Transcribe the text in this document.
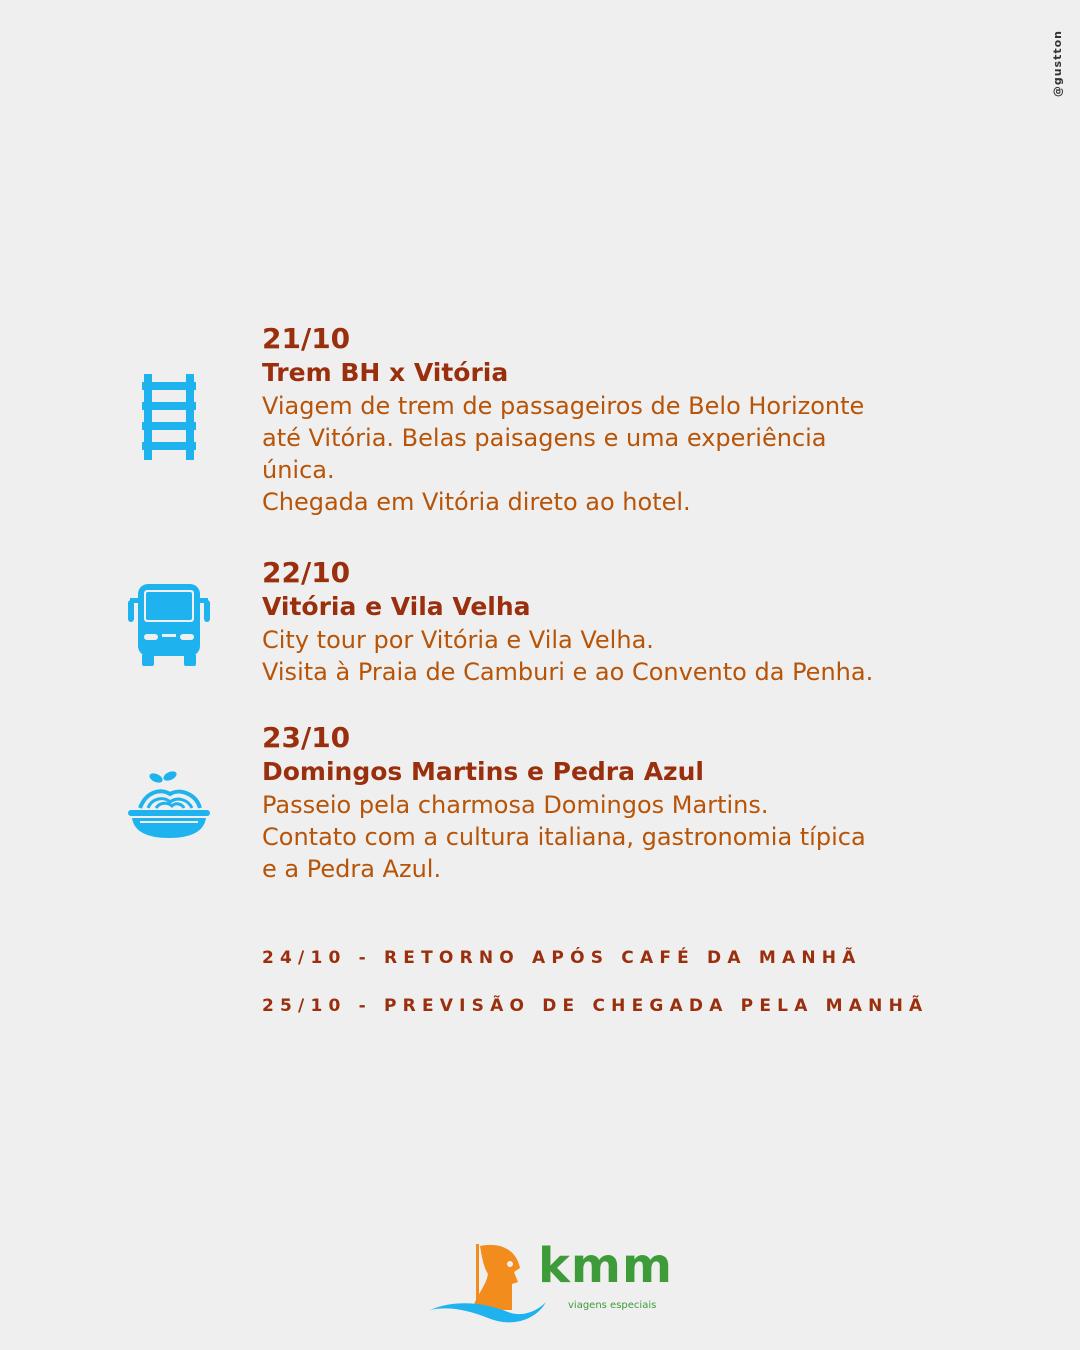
@gustton
21/10
Trem BH x Vitória
Viagem de trem de passageiros de Belo Horizonte
até Vitória. Belas paisagens e uma experiência
única.
Chegada em Vitória direto ao hotel.
22/10
Vitória e Vila Velha
City tour por Vitória e Vila Velha.
Visita à Praia de Camburi e ao Convento da Penha.
23/10
Domingos Martins e Pedra Azul
Passeio pela charmosa Domingos Martins.
Contato com a cultura italiana, gastronomia típica
e a Pedra Azul.
24/10 - RETORNO APÓS CAFÉ DA MANHÃ
25/10 - PREVISÃO DE CHEGADA PELA MANHÃ
kmm
viagens especiais
